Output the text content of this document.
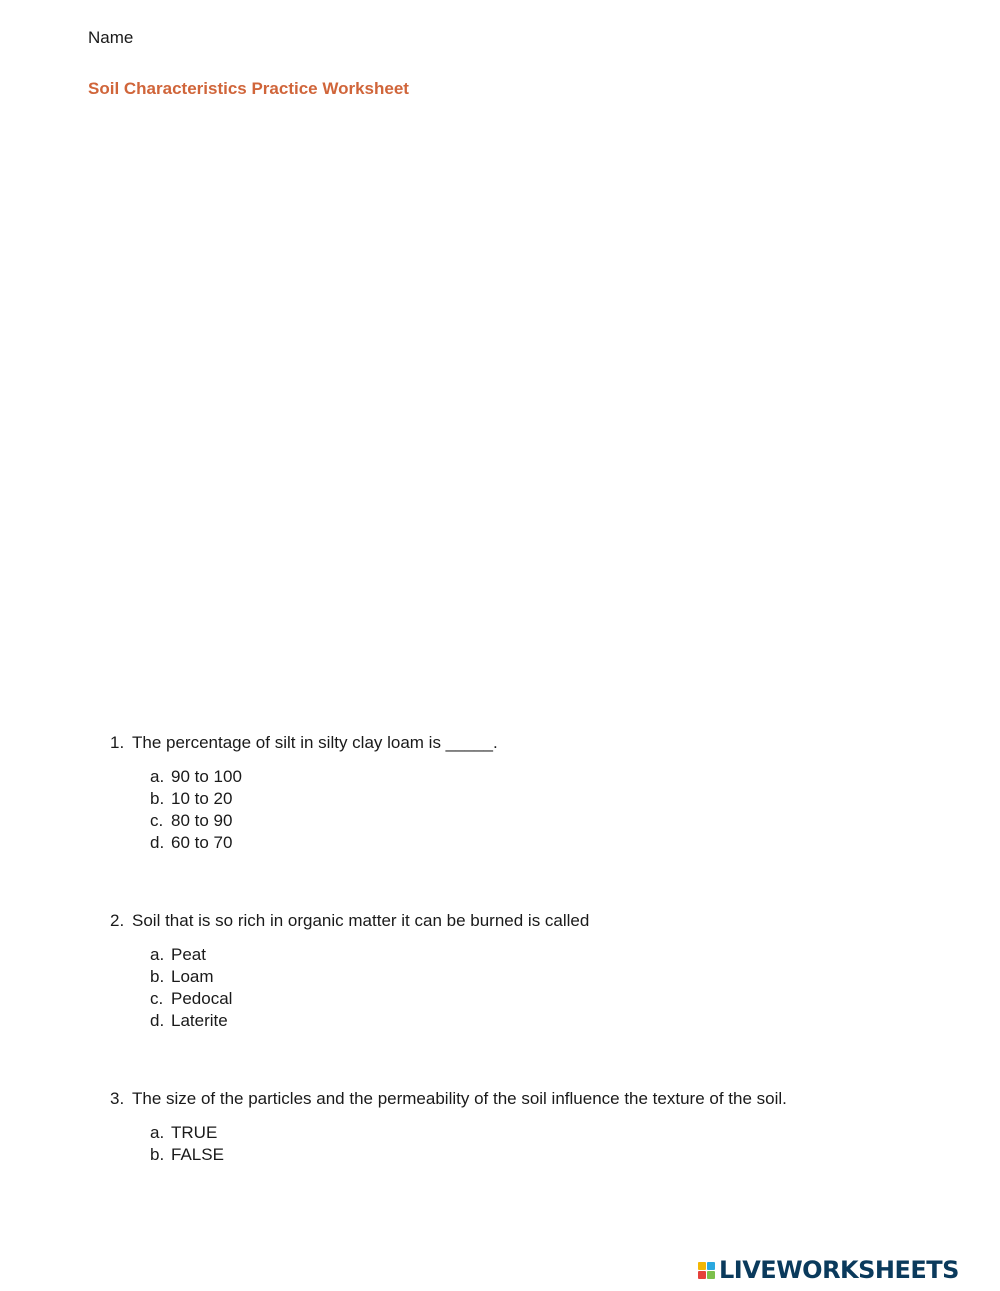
Name
Soil Characteristics Practice Worksheet
1. The percentage of silt in silty clay loam is _____.
a. 90 to 100
b. 10 to 20
c. 80 to 90
d. 60 to 70
2. Soil that is so rich in organic matter it can be burned is called
a. Peat
b. Loam
c. Pedocal
d. Laterite
3. The size of the particles and the permeability of the soil influence the texture of the soil.
a. TRUE
b. FALSE
LIVEWORKSHEETS
